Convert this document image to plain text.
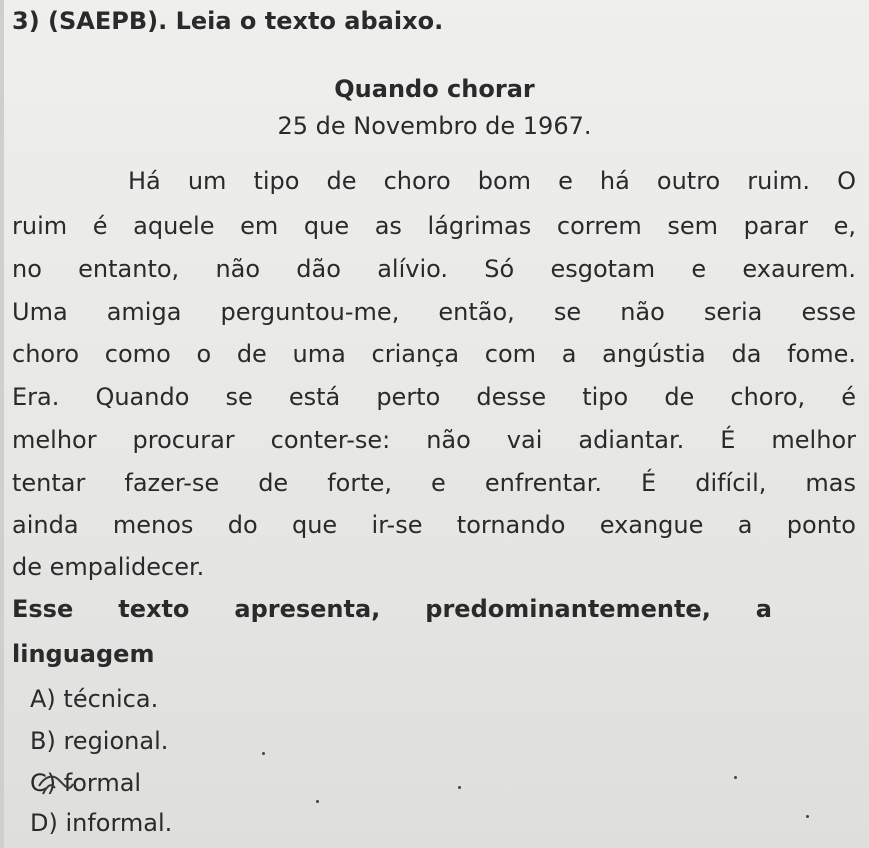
3) (SAEPB). Leia o texto abaixo.
Quando chorar
25 de Novembro de 1967.
Há um tipo de choro bom e há outro ruim. O
ruim é aquele em que as lágrimas correm sem parar e,
no entanto, não dão alívio. Só esgotam e exaurem.
Uma amiga perguntou-me, então, se não seria esse
choro como o de uma criança com a angústia da fome.
Era. Quando se está perto desse tipo de choro, é
melhor procurar conter-se: não vai adiantar. É melhor
tentar fazer-se de forte, e enfrentar. É difícil, mas
ainda menos do que ir-se tornando exangue a ponto
de empalidecer.
Esse texto apresenta, predominantemente, a
linguagem
A) técnica.
B) regional.
C) formal
D) informal.
